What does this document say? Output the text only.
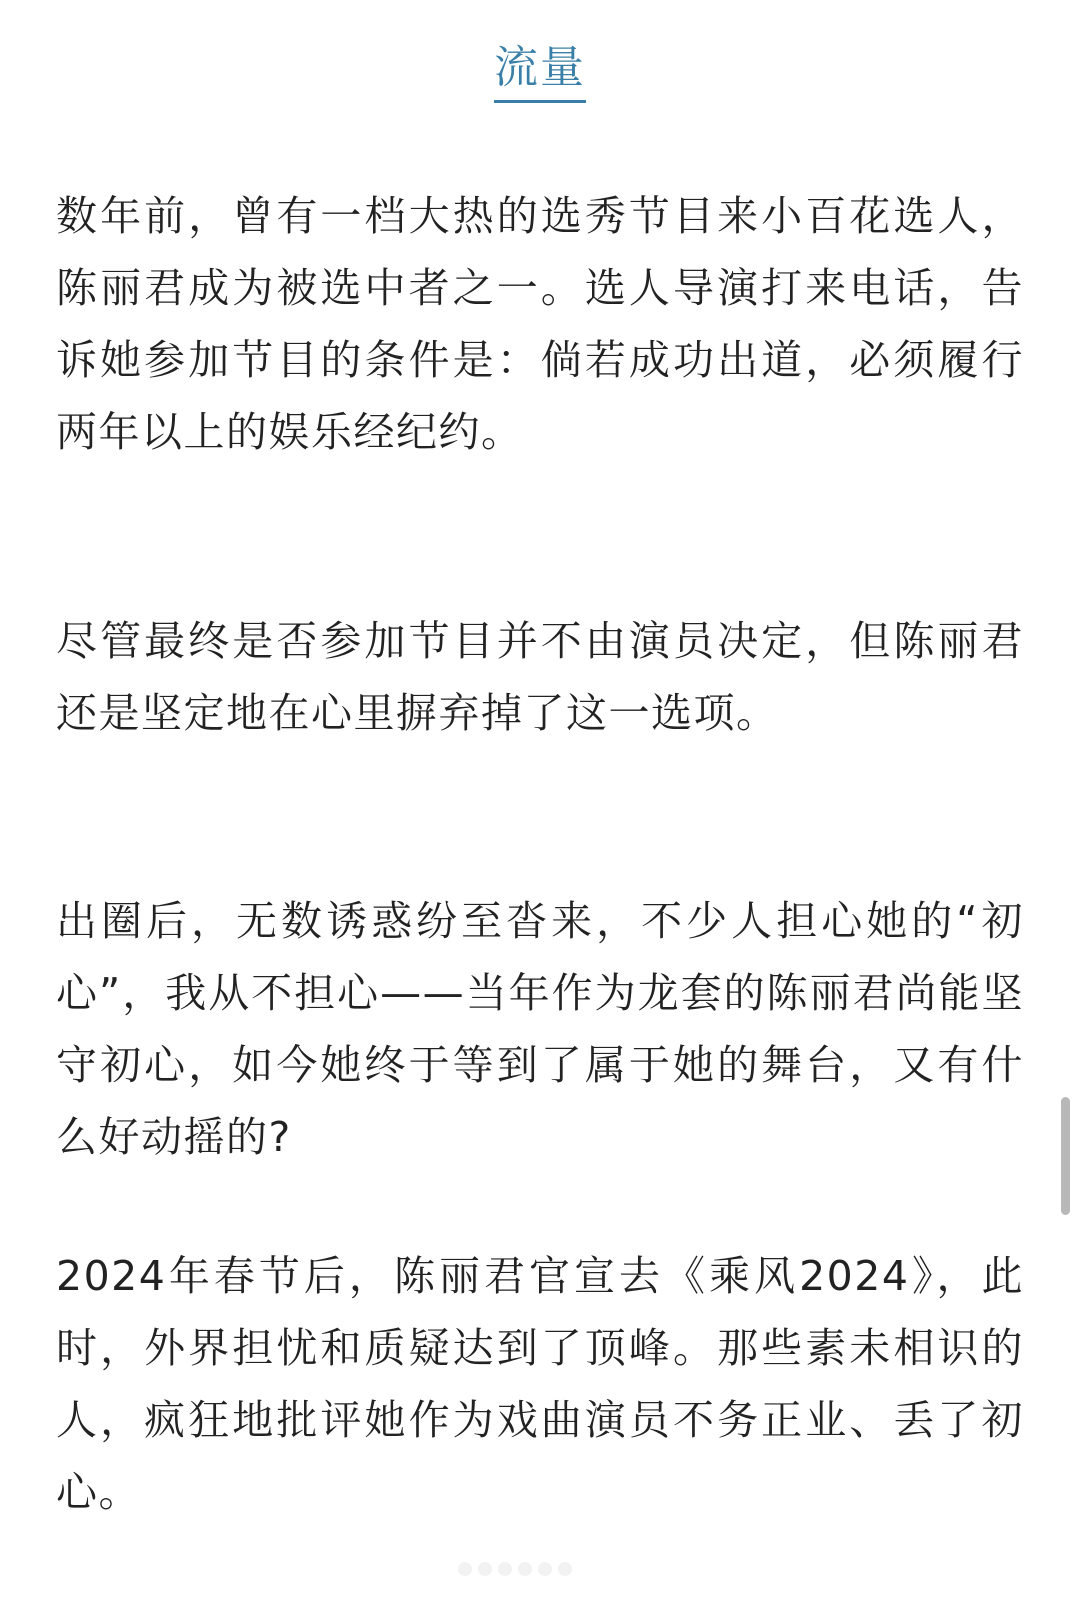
流量

数年前，曾有一档大热的选秀节目来小百花选人，陈丽君成为被选中者之一。选人导演打来电话，告诉她参加节目的条件是：倘若成功出道，必须履行两年以上的娱乐经纪约。

尽管最终是否参加节目并不由演员决定，但陈丽君还是坚定地在心里摒弃掉了这一选项。

出圈后，无数诱惑纷至沓来，不少人担心她的“初心”，我从不担心——当年作为龙套的陈丽君尚能坚守初心，如今她终于等到了属于她的舞台，又有什么好动摇的?

2024年春节后，陈丽君官宣去《乘风2024》，此时，外界担忧和质疑达到了顶峰。那些素未相识的人，疯狂地批评她作为戏曲演员不务正业、丢了初心。
